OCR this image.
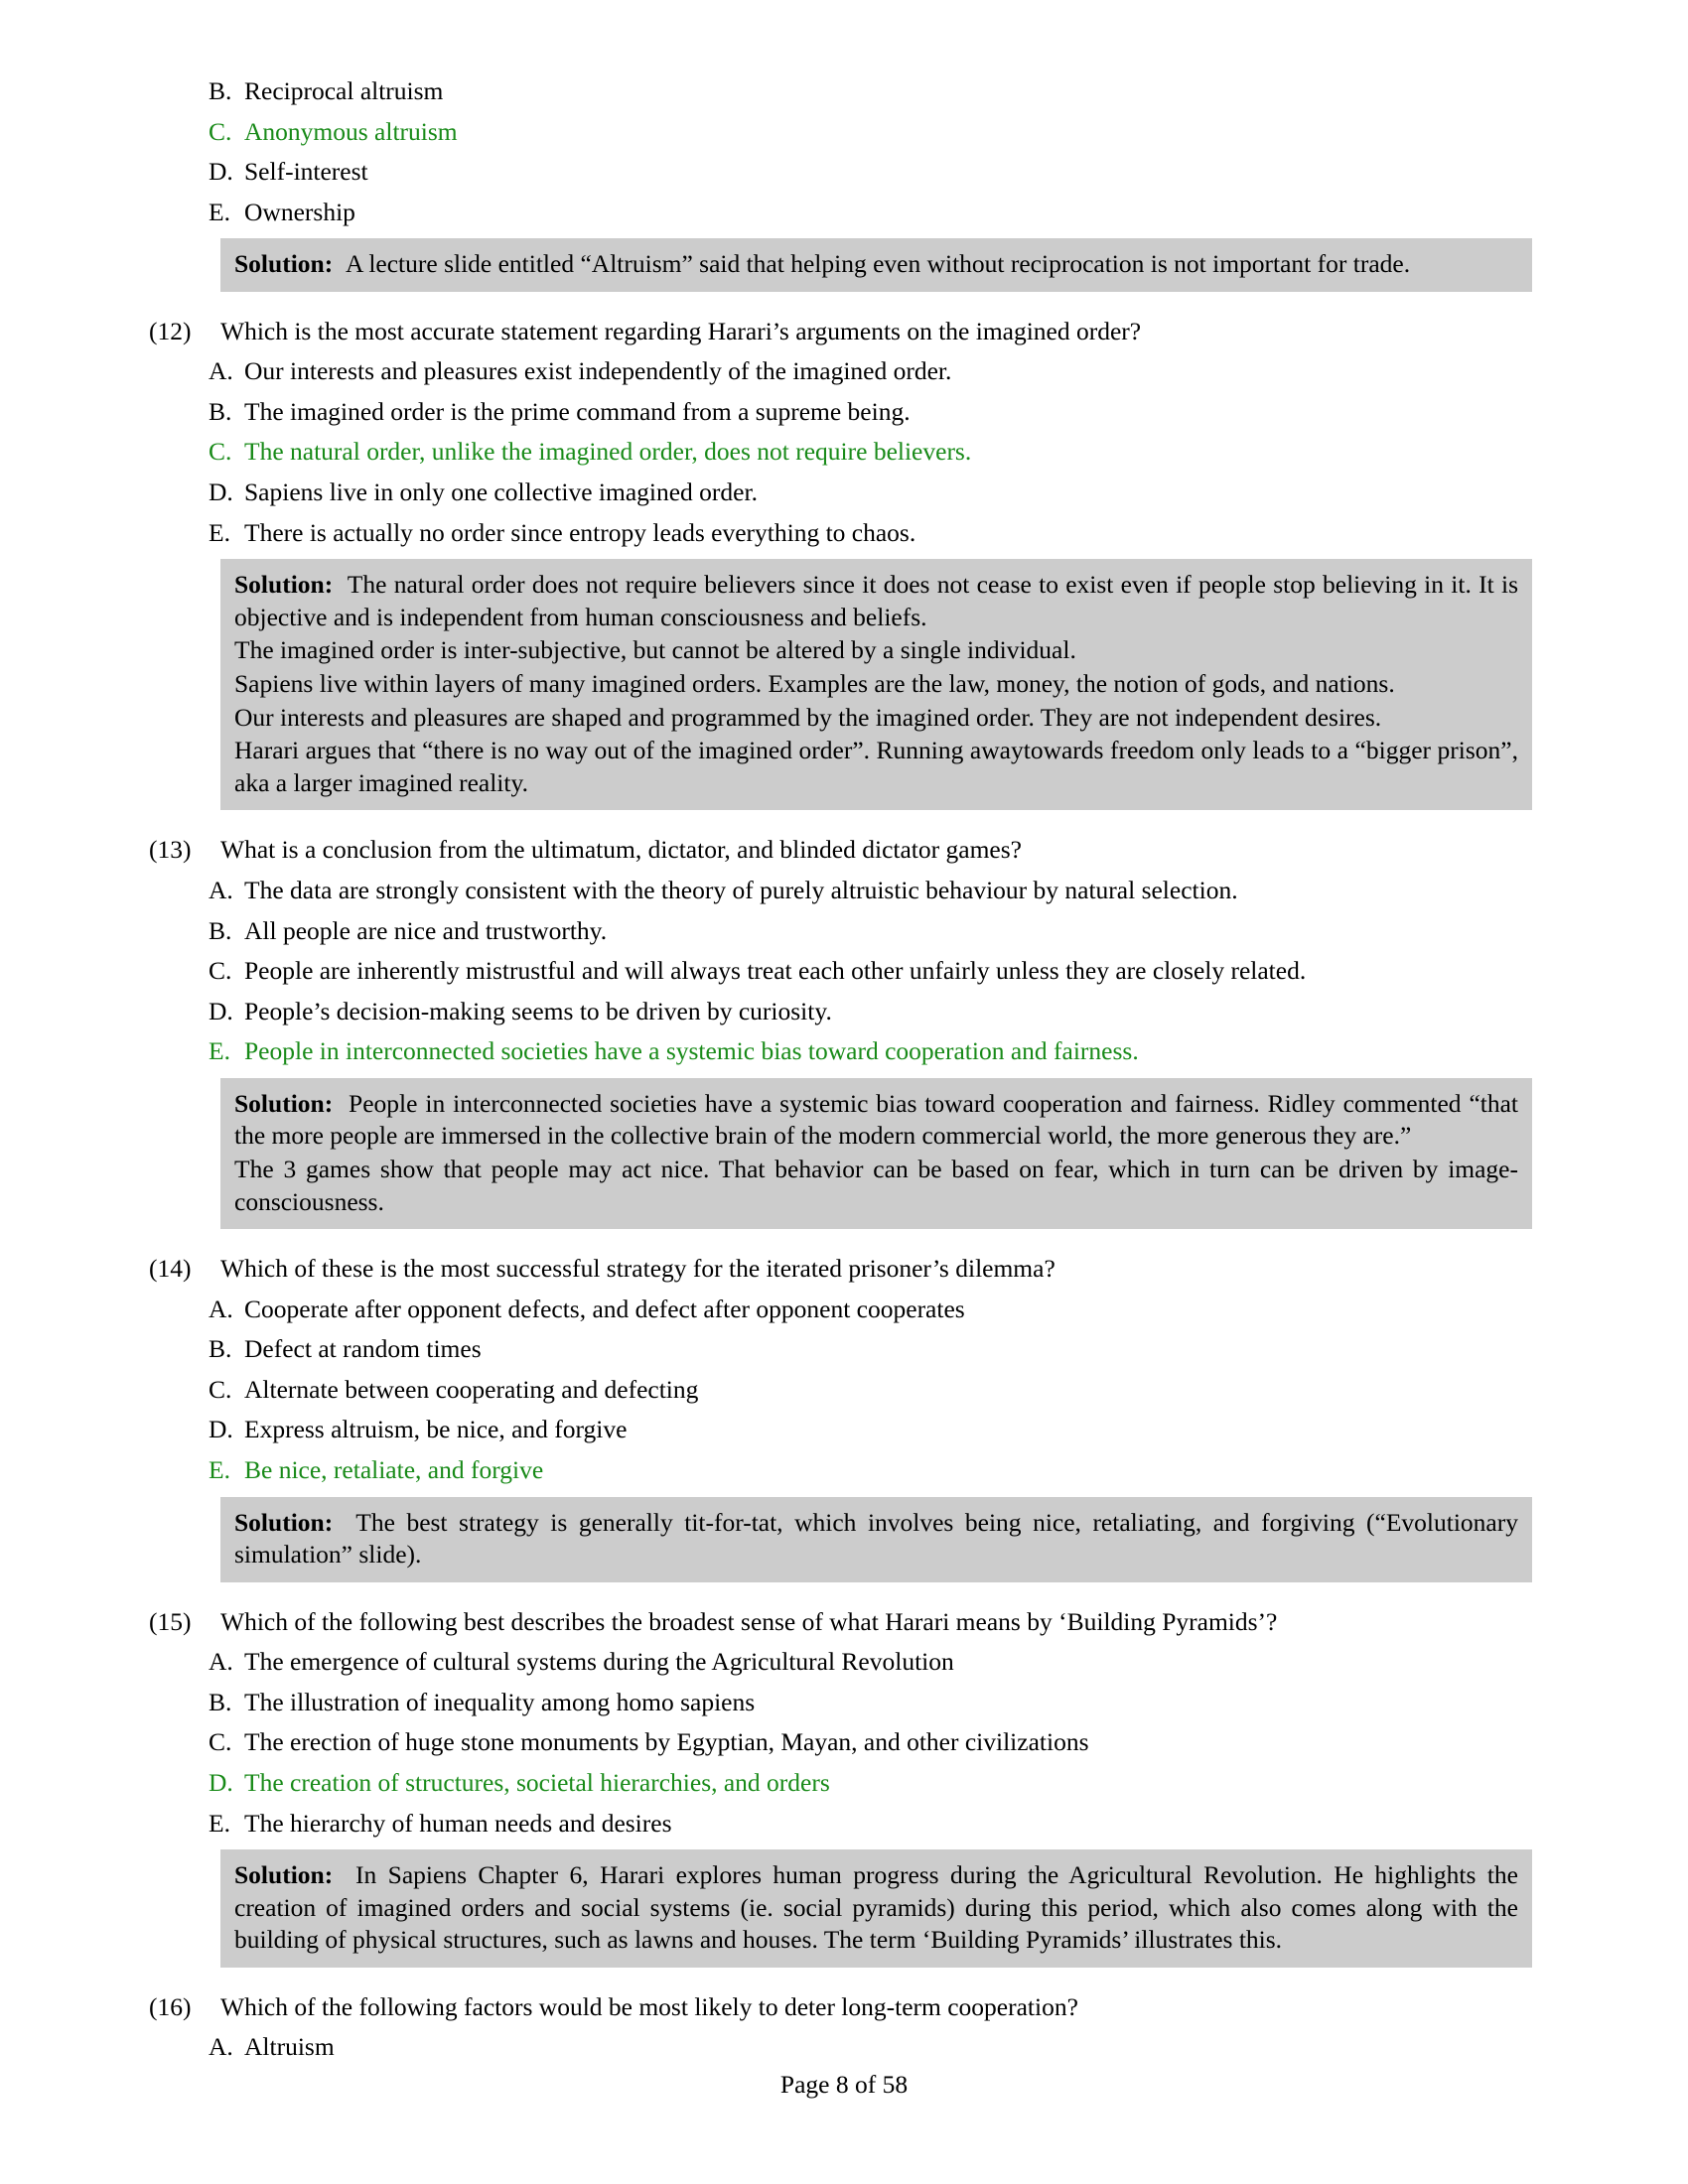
B. Reciprocal altruism
C. Anonymous altruism
D. Self-interest
E. Ownership
Solution: A lecture slide entitled “Altruism” said that helping even without reciprocation is not important for trade.
(12)	Which is the most accurate statement regarding Harari’s arguments on the imagined order?
A. Our interests and pleasures exist independently of the imagined order.
B. The imagined order is the prime command from a supreme being.
C. The natural order, unlike the imagined order, does not require believers.
D. Sapiens live in only one collective imagined order.
E. There is actually no order since entropy leads everything to chaos.
Solution: The natural order does not require believers since it does not cease to exist even if people stop believing in it. It is objective and is independent from human consciousness and beliefs.
The imagined order is inter-subjective, but cannot be altered by a single individual.
Sapiens live within layers of many imagined orders. Examples are the law, money, the notion of gods, and nations.
Our interests and pleasures are shaped and programmed by the imagined order. They are not independent desires.
Harari argues that “there is no way out of the imagined order”. Running awaytowards freedom only leads to a “bigger prison”, aka a larger imagined reality.
(13)	What is a conclusion from the ultimatum, dictator, and blinded dictator games?
A. The data are strongly consistent with the theory of purely altruistic behaviour by natural selection.
B. All people are nice and trustworthy.
C. People are inherently mistrustful and will always treat each other unfairly unless they are closely related.
D. People’s decision-making seems to be driven by curiosity.
E. People in interconnected societies have a systemic bias toward cooperation and fairness.
Solution: People in interconnected societies have a systemic bias toward cooperation and fairness. Ridley commented “that the more people are immersed in the collective brain of the modern commercial world, the more generous they are.”
The 3 games show that people may act nice. That behavior can be based on fear, which in turn can be driven by image-consciousness.
(14)	Which of these is the most successful strategy for the iterated prisoner’s dilemma?
A. Cooperate after opponent defects, and defect after opponent cooperates
B. Defect at random times
C. Alternate between cooperating and defecting
D. Express altruism, be nice, and forgive
E. Be nice, retaliate, and forgive
Solution: The best strategy is generally tit-for-tat, which involves being nice, retaliating, and forgiving (“Evolutionary simulation” slide).
(15)	Which of the following best describes the broadest sense of what Harari means by ‘Building Pyramids’?
A. The emergence of cultural systems during the Agricultural Revolution
B. The illustration of inequality among homo sapiens
C. The erection of huge stone monuments by Egyptian, Mayan, and other civilizations
D. The creation of structures, societal hierarchies, and orders
E. The hierarchy of human needs and desires
Solution: In Sapiens Chapter 6, Harari explores human progress during the Agricultural Revolution. He highlights the creation of imagined orders and social systems (ie. social pyramids) during this period, which also comes along with the building of physical structures, such as lawns and houses. The term ‘Building Pyramids’ illustrates this.
(16)	Which of the following factors would be most likely to deter long-term cooperation?
A. Altruism
Page 8 of 58
